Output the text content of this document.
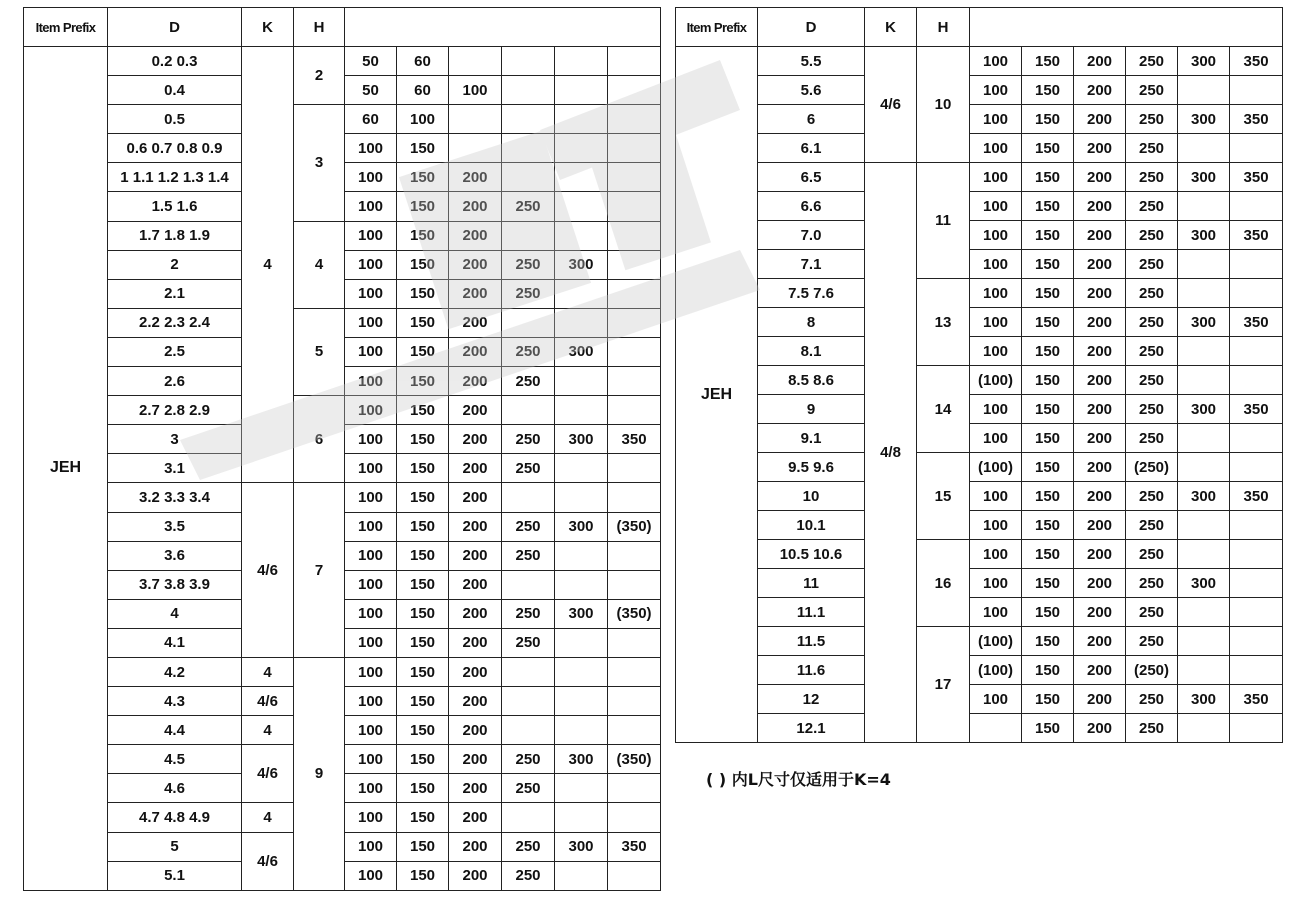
Item Prefix	D	K	H						
JEH	0.2 0.3	4	2	50	60				
	0.4			50	60	100			
	0.5		3	60	100				
	0.6 0.7 0.8 0.9			100	150				
	1 1.1 1.2 1.3 1.4			100	150	200			
	1.5 1.6			100	150	200	250		
	1.7 1.8 1.9		4	100	150	200			
	2			100	150	200	250	300	
	2.1			100	150	200	250		
	2.2 2.3 2.4		5	100	150	200			
	2.5			100	150	200	250	300	
	2.6			100	150	200	250		
	2.7 2.8 2.9		6	100	150	200			
	3			100	150	200	250	300	350
	3.1			100	150	200	250		
	3.2 3.3 3.4	4/6	7	100	150	200			
	3.5			100	150	200	250	300	(350)
	3.6			100	150	200	250		
	3.7 3.8 3.9			100	150	200			
	4			100	150	200	250	300	(350)
	4.1			100	150	200	250		
	4.2	4	9	100	150	200			
	4.3	4/6		100	150	200			
	4.4	4		100	150	200			
	4.5	4/6		100	150	200	250	300	(350)
	4.6			100	150	200	250		
	4.7 4.8 4.9	4		100	150	200			
	5	4/6		100	150	200	250	300	350
	5.1			100	150	200	250		
Item Prefix	D	K	H						
JEH	5.5	4/6	10	100	150	200	250	300	350
	5.6			100	150	200	250		
	6			100	150	200	250	300	350
	6.1			100	150	200	250		
	6.5	4/8	11	100	150	200	250	300	350
	6.6			100	150	200	250		
	7.0			100	150	200	250	300	350
	7.1			100	150	200	250		
	7.5 7.6		13	100	150	200	250		
	8			100	150	200	250	300	350
	8.1			100	150	200	250		
	8.5 8.6		14	(100)	150	200	250		
	9			100	150	200	250	300	350
	9.1			100	150	200	250		
	9.5 9.6		15	(100)	150	200	(250)		
	10			100	150	200	250	300	350
	10.1			100	150	200	250		
	10.5 10.6		16	100	150	200	250		
	11			100	150	200	250	300	
	11.1			100	150	200	250		
	11.5		17	(100)	150	200	250		
	11.6			(100)	150	200	(250)		
	12			100	150	200	250	300	350
	12.1				150	200	250		
( ) 内L尺寸仅适用于K=4
